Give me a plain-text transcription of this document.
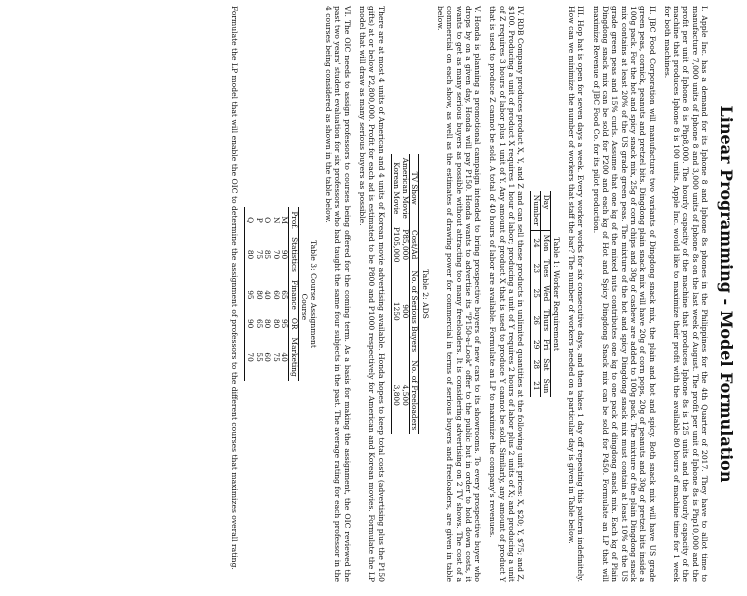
Linear Programming - Model Formulation

I. Apple Inc. has a demand for its Iphone 8 and Iphone 8s phones in the Philippines for the 4th Quarter of 2017. They have to allot time to manufacture 7,000 units of Iphone 8 and 3,000 units of Iphone 8s on the last week of August. The profit per unit of Iphone 8s is Php10,000 and the profit per unit of Iphone 8 is Php8,000. The hourly capacity of the machine that produces Iphone 8s is 125 units and the hourly capacity of the machine that produces Iphone 8 is 100 units. Apple Inc. would like to maximize their profit with the available 80 hours of machine time for 1 week for both machines.

II. JBC Food Corporation will manufacture two variants of Dingdong snack mix, the plain and hot and spicy. Both snack mix will have US grade green peas, cornick, peanuts and pretzel bits. Dingdong plain snack mix will have 20g of corn pops, 20g of peanuts and 30g of pretzel bits inside a 100g pack. For the hot and spicy snack mix, 25g of corn chips and 30g of cashew are added to 100g pack. The mixture of the plain Dingdong snack mix contains at least 20% of the US grade green peas. The mixture of the hot and spicy Dingdong snack mix must contain at least 10% of the US grade green peas and 15% curls. Assume that one kg of the mixed nuts contributes one kg to one pack of dingdong snack mix. Each kg of Plain Dingdong snack mix can be sold for P200 and each kg of Hot and Spicy Dingdong Snack mix can be sold for P450. Formulate an LP that will maximize Revenue of JBC Food Co. for its pilot production.

III. Hop hat is open for seven days a week. Every worker works for six consecutive days, and then takes 1 day off repeating this pattern indefinitely. How can we minimize the number of workers that staff the bar? The number of workers needed on a particular day is given in Table below.

Table 1: Worker Requirement
Day	Mon	Tues	Wed	Thurs	Fri	Sat	Sun
Number	24	23	25	26	29	28	21

IV. RDB Company produces product X, Y, and Z and can sell these products in unlimited quantities at the following unit prices: X, $20; Y, $75; and Z, $100. Producing a unit of product X requires 1 hour of labor; producing a unit of Y requires 2 hours of labor plus 2 units of X; and producing a unit of Z requires 3 hours of labor plus 1 unit of Y. Any amount of product X that is used to produce Y cannot be sold. Similarly, any amount of product Y that is used to produce Z cannot be sold. A total of 40 hours of labor are available. Formulate an LP to maximize the company's revenues.

V. Honda is planning a promotional campaign intended to bring prospective buyers of new cars to its showrooms. To every prospective buyer who drops by on a given day, Honda will pay P150. Honda wants to advertise its "P150-a-Look" offer to the public but in order to hold down costs, it wants to get as many serious buyers as possible without attracting too many freeloaders. It is considering advertising on 2 TV shows. The cost of a commercial on each show, as well as the estimates of drawing power for commercial in terms of serious buyers and freeloaders, are given in table below.

Table 2: ADS
TV Show	Cost/Ad	No. of Serious Buyers	No. of Freeloaders
American Movie	P85,000	900	4,500
Korean Movie	P105,000	1250	3,800

There are at most 4 units of American and 4 units of Korean movie advertising available. Honda hopes to keep total costs (advertising plus the P150 gifts) at or below P2,800,000. Profit for each ad is estimated to be P800 and P1000 respectively for American and Korean movies. Formulate the LP model that will draw as many serious buyers as possible.

VI. The OIC needs to assign professors to courses being offered for the coming term. As a basis for making the assignment, the OIC reviewed the past two years' student evaluation for six professors who had taught the same four subjects in the past. The average rating for each professor in the 4 courses being considered as shown in the table below.

Table 3: Course Assignment
	Course			
Prof.	Statistics	Finance	OR	Marketing
M	90	65	95	40
N	70	60	80	75
O	85	40	80	60
P	75	80	65	55
Q	80	95	90	70

Formulate the LP model that will enable the OIC to determine the assignment of professors to the different courses that maximizes overall rating.
